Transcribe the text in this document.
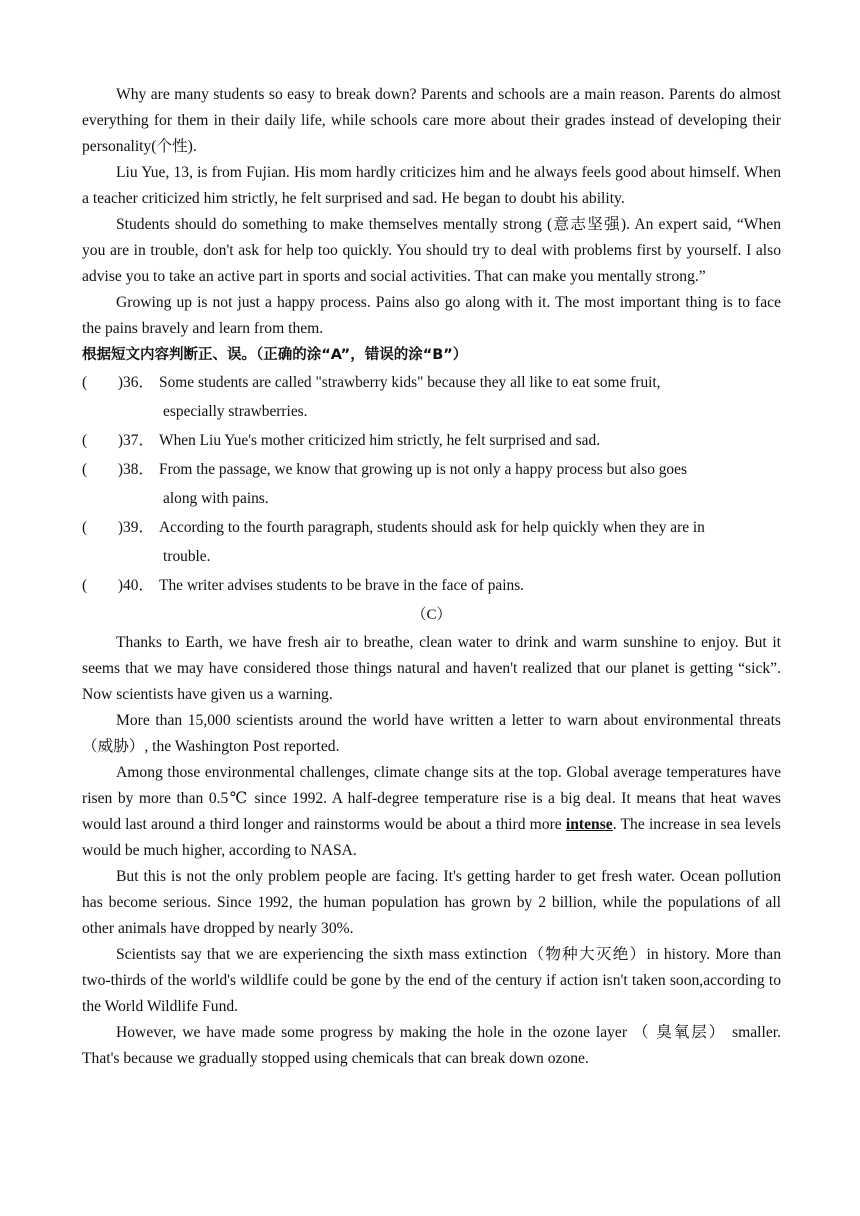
Why are many students so easy to break down? Parents and schools are a main reason. Parents do almost everything for them in their daily life, while schools care more about their grades instead of developing their personality(个性).

Liu Yue, 13, is from Fujian. His mom hardly criticizes him and he always feels good about himself. When a teacher criticized him strictly, he felt surprised and sad. He began to doubt his ability.

Students should do something to make themselves mentally strong (意志坚强). An expert said, “When you are in trouble, don't ask for help too quickly. You should try to deal with problems first by yourself. I also advise you to take an active part in sports and social activities. That can make you mentally strong.”

Growing up is not just a happy process. Pains also go along with it. The most important thing is to face the pains bravely and learn from them.

根据短文内容判断正、误。（正确的涂“A”，错误的涂“B”）

(        ) 36． Some students are called "strawberry kids" because they all like to eat some fruit,
especially strawberries.
(        ) 37． When Liu Yue's mother criticized him strictly, he felt surprised and sad.
(        ) 38． From the passage, we know that growing up is not only a happy process but also goes
along with pains.
(        ) 39． According to the fourth paragraph, students should ask for help quickly when they are in
trouble.
(        ) 40． The writer advises students to be brave in the face of pains.

（C）

Thanks to Earth, we have fresh air to breathe, clean water to drink and warm sunshine to enjoy. But it seems that we may have considered those things natural and haven't realized that our planet is getting “sick”. Now scientists have given us a warning.

More than 15,000 scientists around the world have written a letter to warn about environmental threats（威胁）, the Washington Post reported.

Among those environmental challenges, climate change sits at the top. Global average temperatures have risen by more than 0.5℃ since 1992. A half-degree temperature rise is a big deal. It means that heat waves would last around a third longer and rainstorms would be about a third more intense. The increase in sea levels would be much higher, according to NASA.

But this is not the only problem people are facing. It's getting harder to get fresh water. Ocean pollution has become serious. Since 1992, the human population has grown by 2 billion, while the populations of all other animals have dropped by nearly 30%.

Scientists say that we are experiencing the sixth mass extinction（物种大灭绝）in history. More than two-thirds of the world's wildlife could be gone by the end of the century if action isn't taken soon,according to the World Wildlife Fund.

However, we have made some progress by making the hole in the ozone layer （ 臭氧层） smaller. That's because we gradually stopped using chemicals that can break down ozone.
